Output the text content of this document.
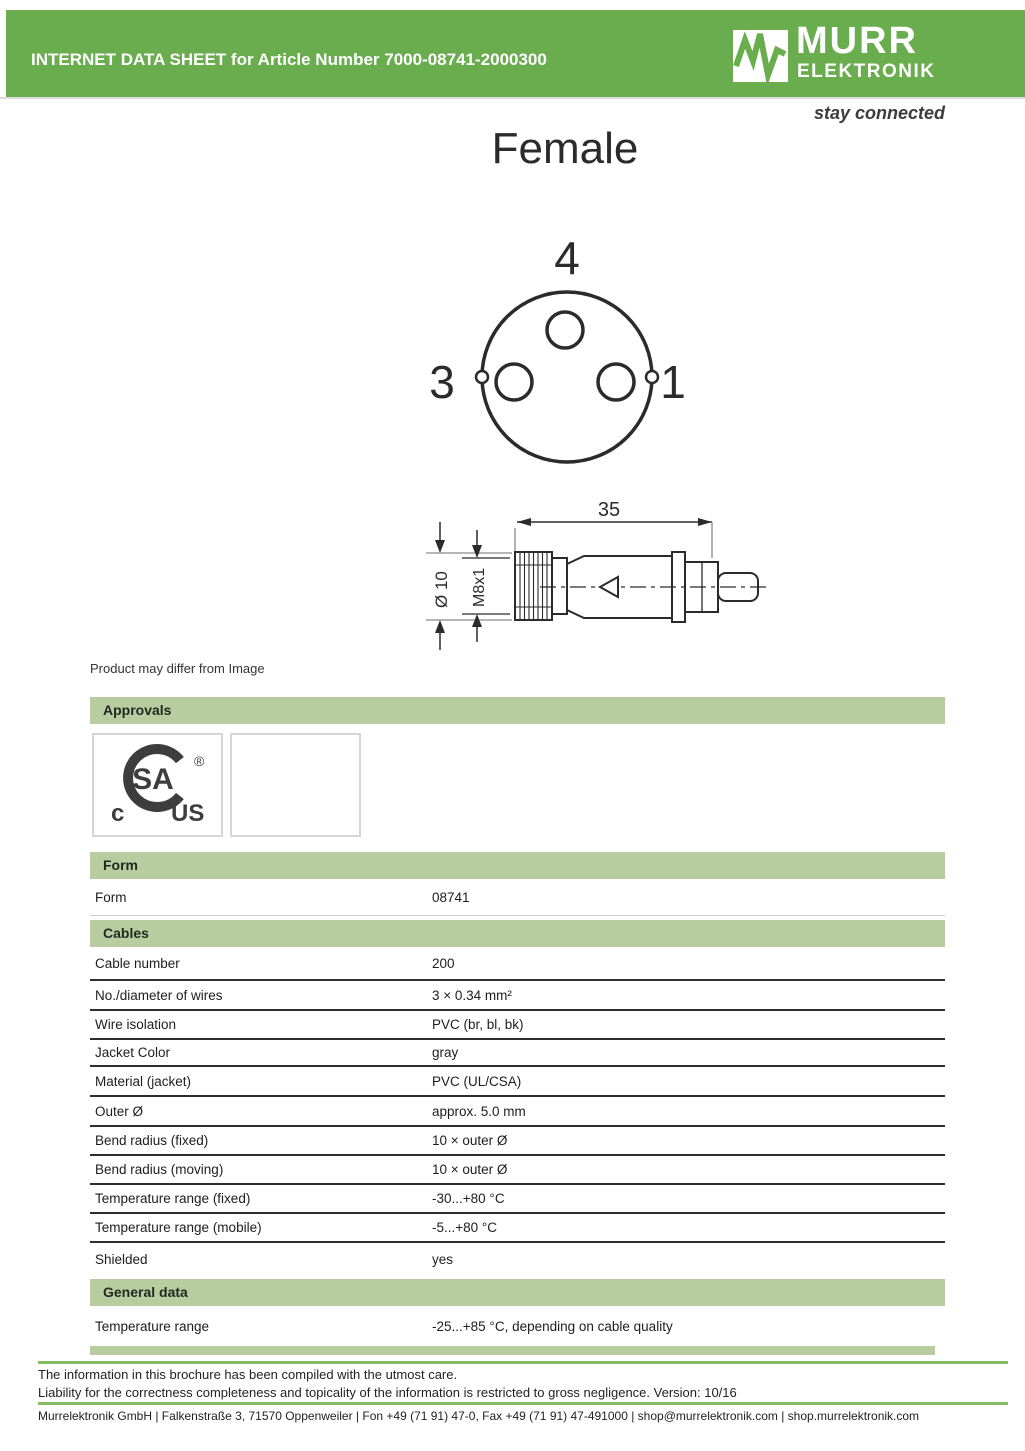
INTERNET DATA SHEET for Article Number 7000-08741-2000300	MURR
ELEKTRONIK
stay connected
Female
4
3	1
35
Ø 10 M8x1
Product may differ from Image
Approvals
SA
®
c US
Form
Form	08741
Cables
Cable number	200
No./diameter of wires	3 × 0.34 mm²
Wire isolation	PVC (br, bl, bk)
Jacket Color	gray
Material (jacket)	PVC (UL/CSA)
Outer Ø	approx. 5.0 mm
Bend radius (fixed)	10 × outer Ø
Bend radius (moving)	10 × outer Ø
Temperature range (fixed)	-30...+80 °C
Temperature range (mobile)	-5...+80 °C
Shielded	yes
General data
Temperature range	-25...+85 °C, depending on cable quality
The information in this brochure has been compiled with the utmost care.
Liability for the correctness completeness and topicality of the information is restricted to gross negligence. Version: 10/16
Murrelektronik GmbH | Falkenstraße 3, 71570 Oppenweiler | Fon +49 (71 91) 47-0, Fax +49 (71 91) 47-491000 | shop@murrelektronik.com | shop.murrelektronik.com
